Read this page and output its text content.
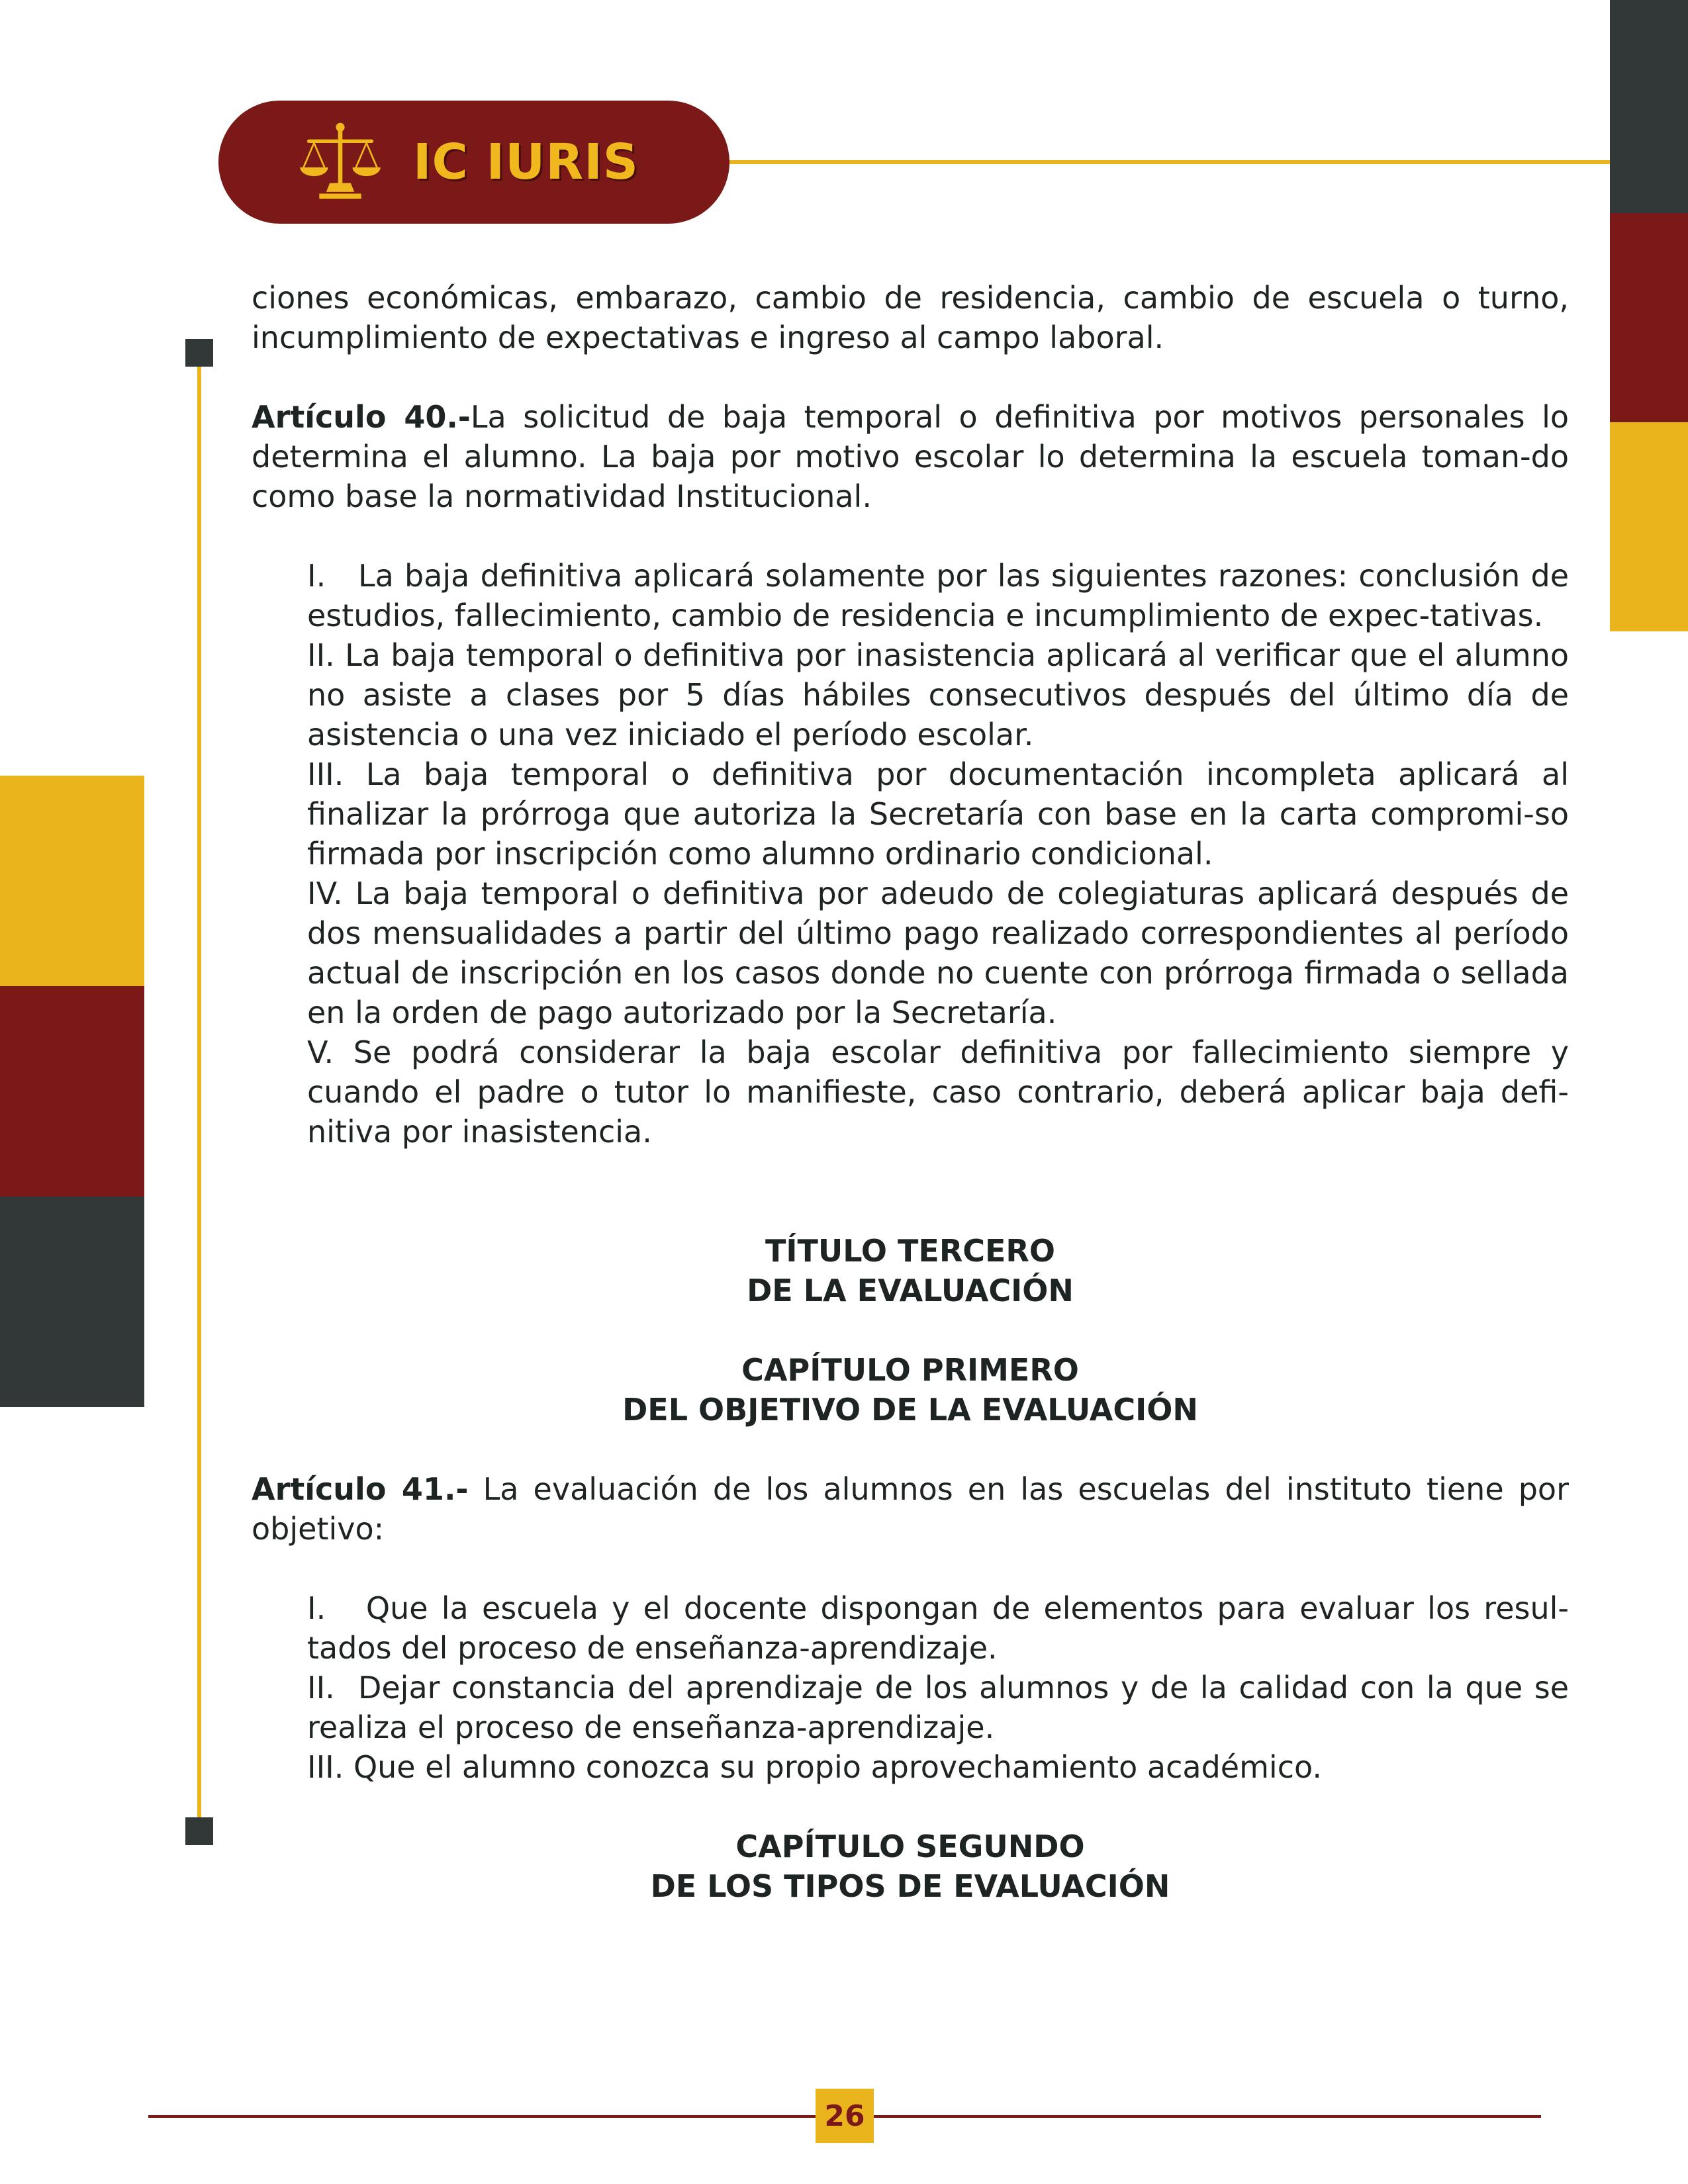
IC IURIS

ciones económicas, embarazo, cambio de residencia, cambio de escuela o turno, incumplimiento de expectativas e ingreso al campo laboral.

Artículo 40.-La solicitud de baja temporal o definitiva por motivos personales lo determina el alumno. La baja por motivo escolar lo determina la escuela toman-do como base la normatividad Institucional.

I.   La baja definitiva aplicará solamente por las siguientes razones: conclusión de estudios, fallecimiento, cambio de residencia e incumplimiento de expec-tativas.

II. La baja temporal o definitiva por inasistencia aplicará al verificar que el alumno no asiste a clases por 5 días hábiles consecutivos después del último día de asistencia o una vez iniciado el período escolar.

III. La baja temporal o definitiva por documentación incompleta aplicará al finalizar la prórroga que autoriza la Secretaría con base en la carta compromi-so firmada por inscripción como alumno ordinario condicional.

IV. La baja temporal o definitiva por adeudo de colegiaturas aplicará después de dos mensualidades a partir del último pago realizado correspondientes al período actual de inscripción en los casos donde no cuente con prórroga firmada o sellada en la orden de pago autorizado por la Secretaría.

V. Se podrá considerar la baja escolar definitiva por fallecimiento siempre y cuando el padre o tutor lo manifieste, caso contrario, deberá aplicar baja defi-nitiva por inasistencia.

TÍTULO TERCERO

DE LA EVALUACIÓN

CAPÍTULO PRIMERO

DEL OBJETIVO DE LA EVALUACIÓN

Artículo 41.- La evaluación de los alumnos en las escuelas del instituto tiene por objetivo:

I.   Que la escuela y el docente dispongan de elementos para evaluar los resul-tados del proceso de enseñanza-aprendizaje.

II.  Dejar constancia del aprendizaje de los alumnos y de la calidad con la que se realiza el proceso de enseñanza-aprendizaje.

III. Que el alumno conozca su propio aprovechamiento académico.

CAPÍTULO SEGUNDO

DE LOS TIPOS DE EVALUACIÓN

26
